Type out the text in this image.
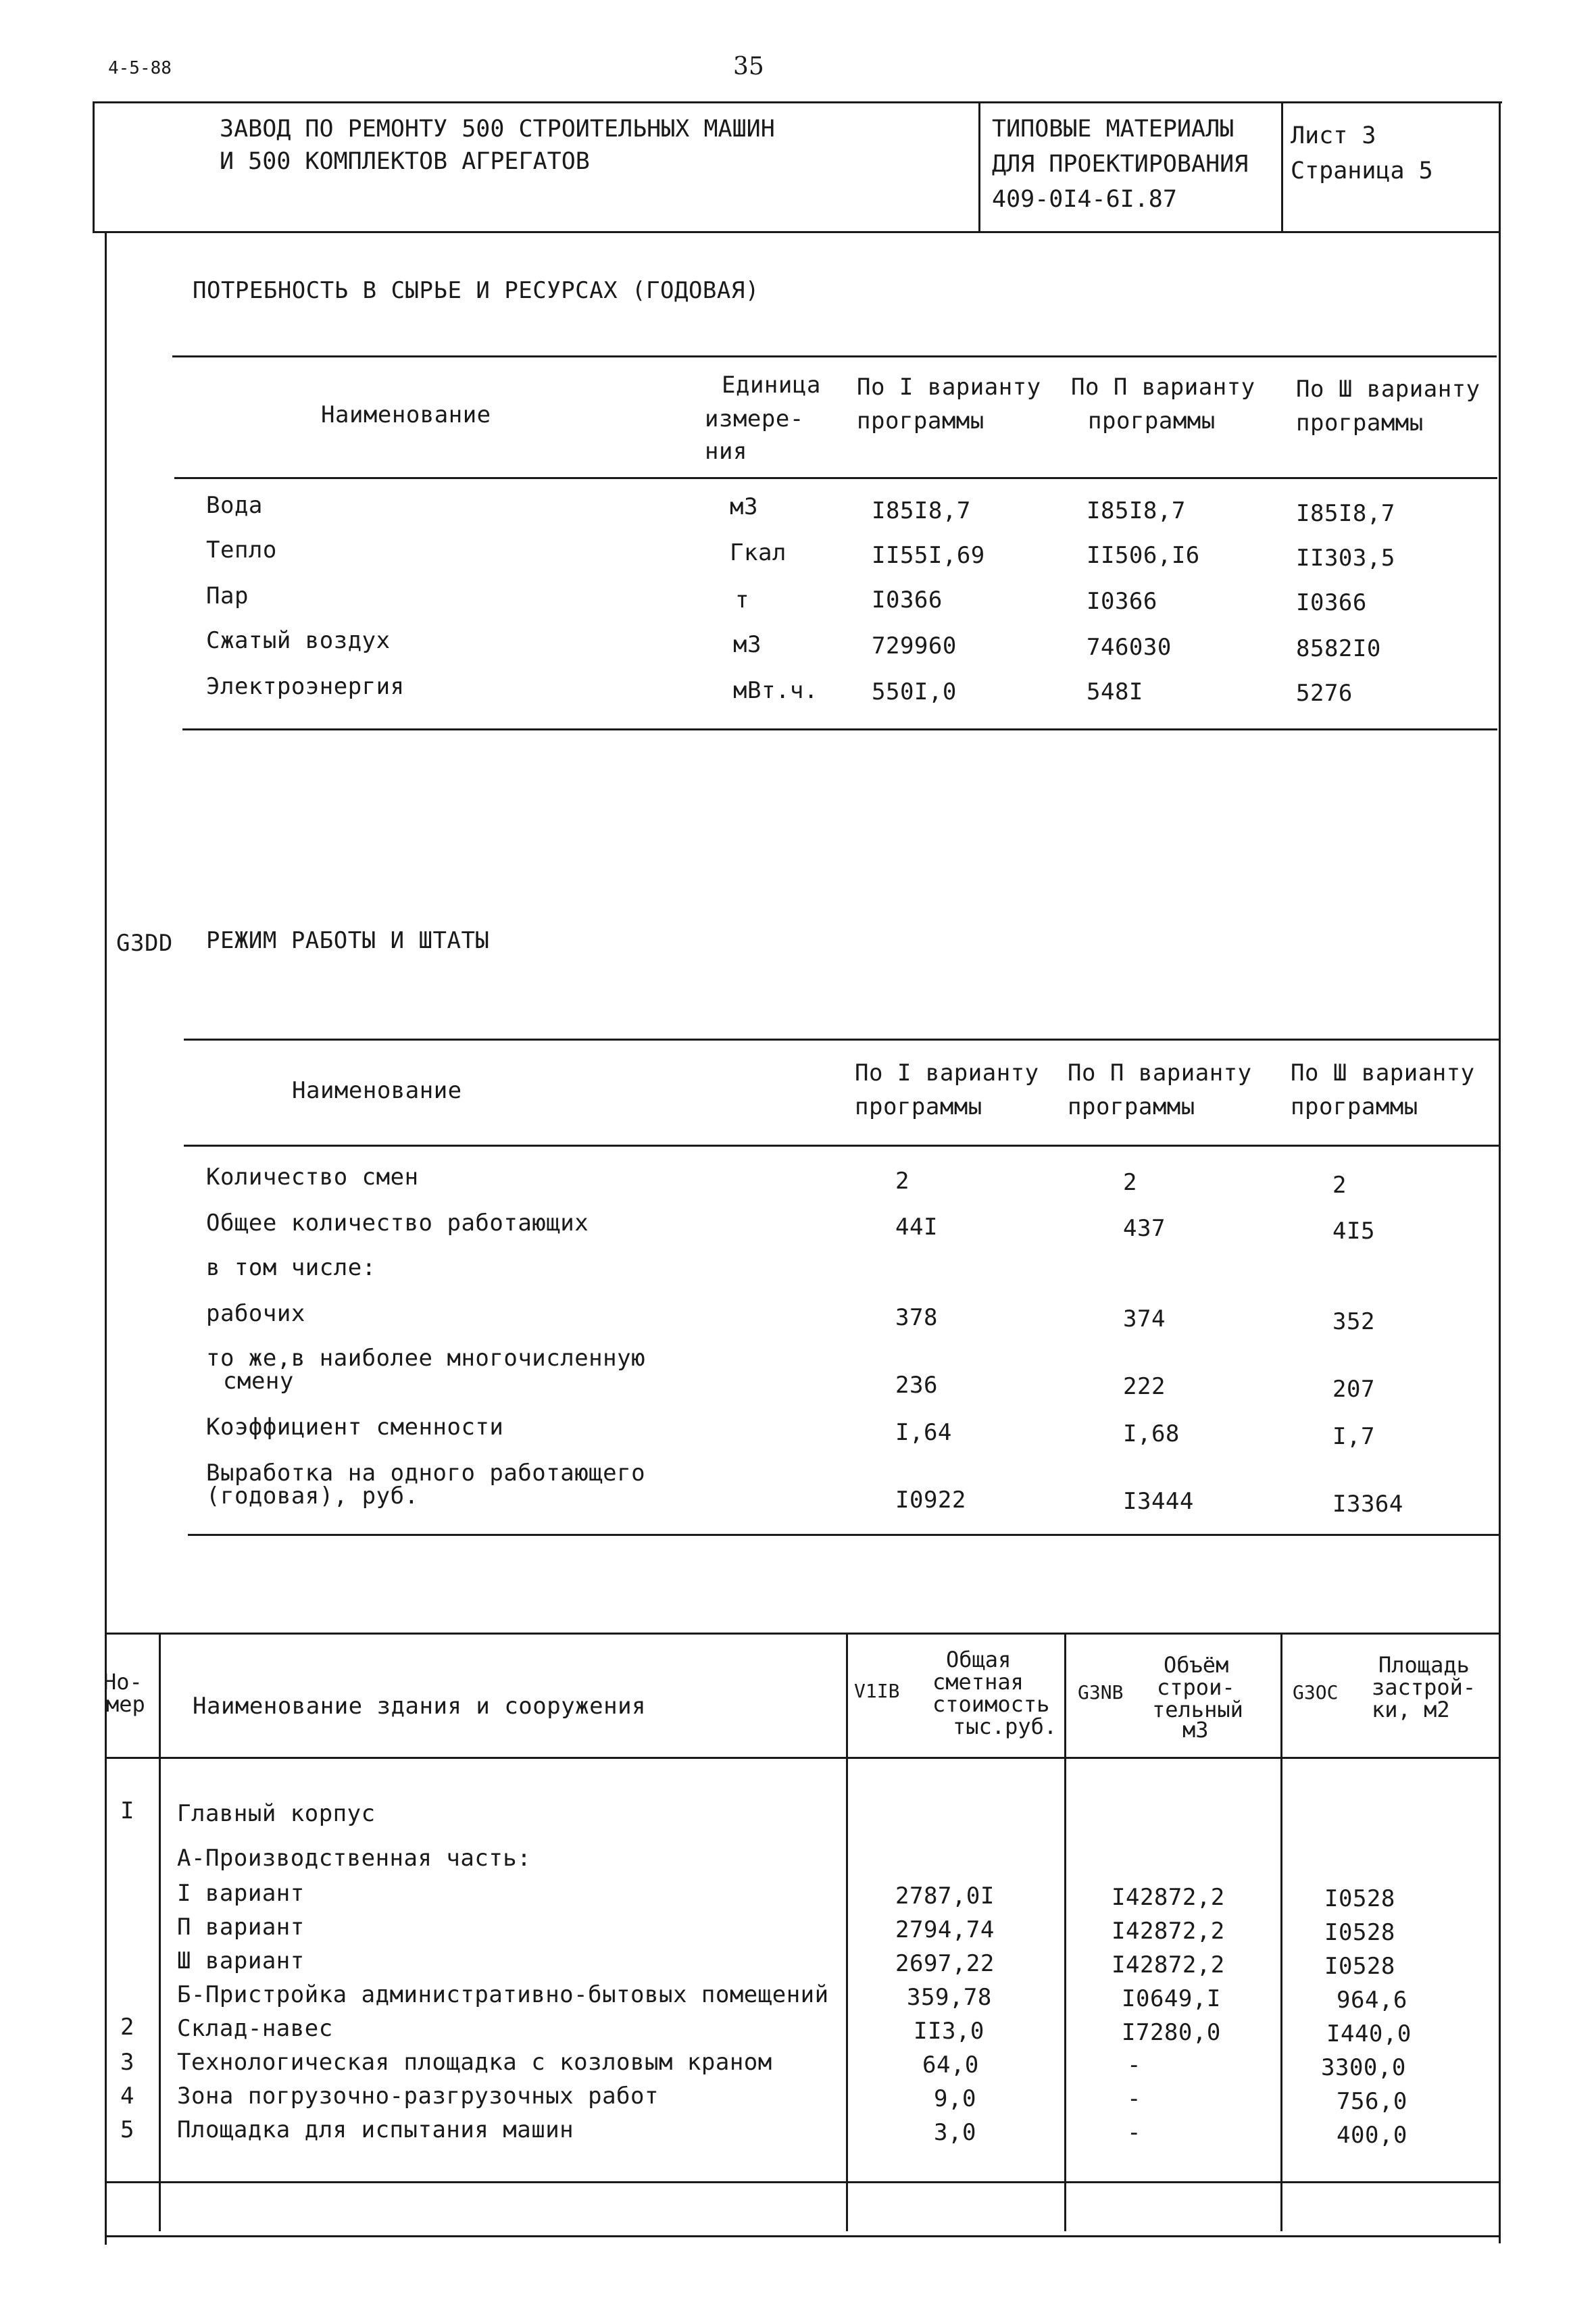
4-5-88	35
ЗАВОД ПО РЕМОНТУ 500 СТРОИТЕЛЬНЫХ МАШИН
И 500 КОМПЛЕКТОВ АГРЕГАТОВ
ТИПОВЫЕ МАТЕРИАЛЫ
ДЛЯ ПРОЕКТИРОВАНИЯ
409-0I4-6I.87
Лист 3
Страница 5
ПОТРЕБНОСТЬ В СЫРЬЕ И РЕСУРСАХ (ГОДОВАЯ)
Наименование
Единица
измере-
ния
По I варианту
программы
По П варианту
программы
По Ш варианту
программы
Вода	м3	I85I8,7	I85I8,7	I85I8,7
Тепло	Гкал	II55I,69	II506,I6	II303,5
Пар	т	I0366	I0366	I0366
Сжатый воздух	м3	729960	746030	8582I0
Электроэнергия	мВт.ч. 550I,0	548I	5276
G3DD РЕЖИМ РАБОТЫ И ШТАТЫ
Наименование
По I варианту
программы
По П варианту
программы
По Ш варианту
программы
Количество смен	2	2	2
Общее количество работающих	44I	437	4I5
в том числе:
рабочих	378	374	352
то же,в наиболее многочисленную
смену	236	222	207
Коэффициент сменности	I,64	I,68	I,7
Выработка на одного работающего
(годовая), руб.	I0922	I3444	I3364
Но-
мер Наименование здания и сооружения
V1IB
Общая
сметная
стоимость
тыс.руб.
G3NB
Объём
строи-
тельный
м3
G3OC
Площадь
застрой-
ки, м2
I Главный корпус
А-Производственная часть:
I вариант	2787,0I	I42872,2	I0528
П вариант	2794,74	I42872,2	I0528
Ш вариант	2697,22	I42872,2	I0528
Б-Пристройка административно-бытовых помещений	359,78	I0649,I	964,6
2 Склад-навес	II3,0	I7280,0	I440,0
3 Технологическая площадка с козловым краном	64,0	-	3300,0
4 Зона погрузочно-разгрузочных работ	9,0	-	756,0
5 Площадка для испытания машин	3,0	-	400,0
